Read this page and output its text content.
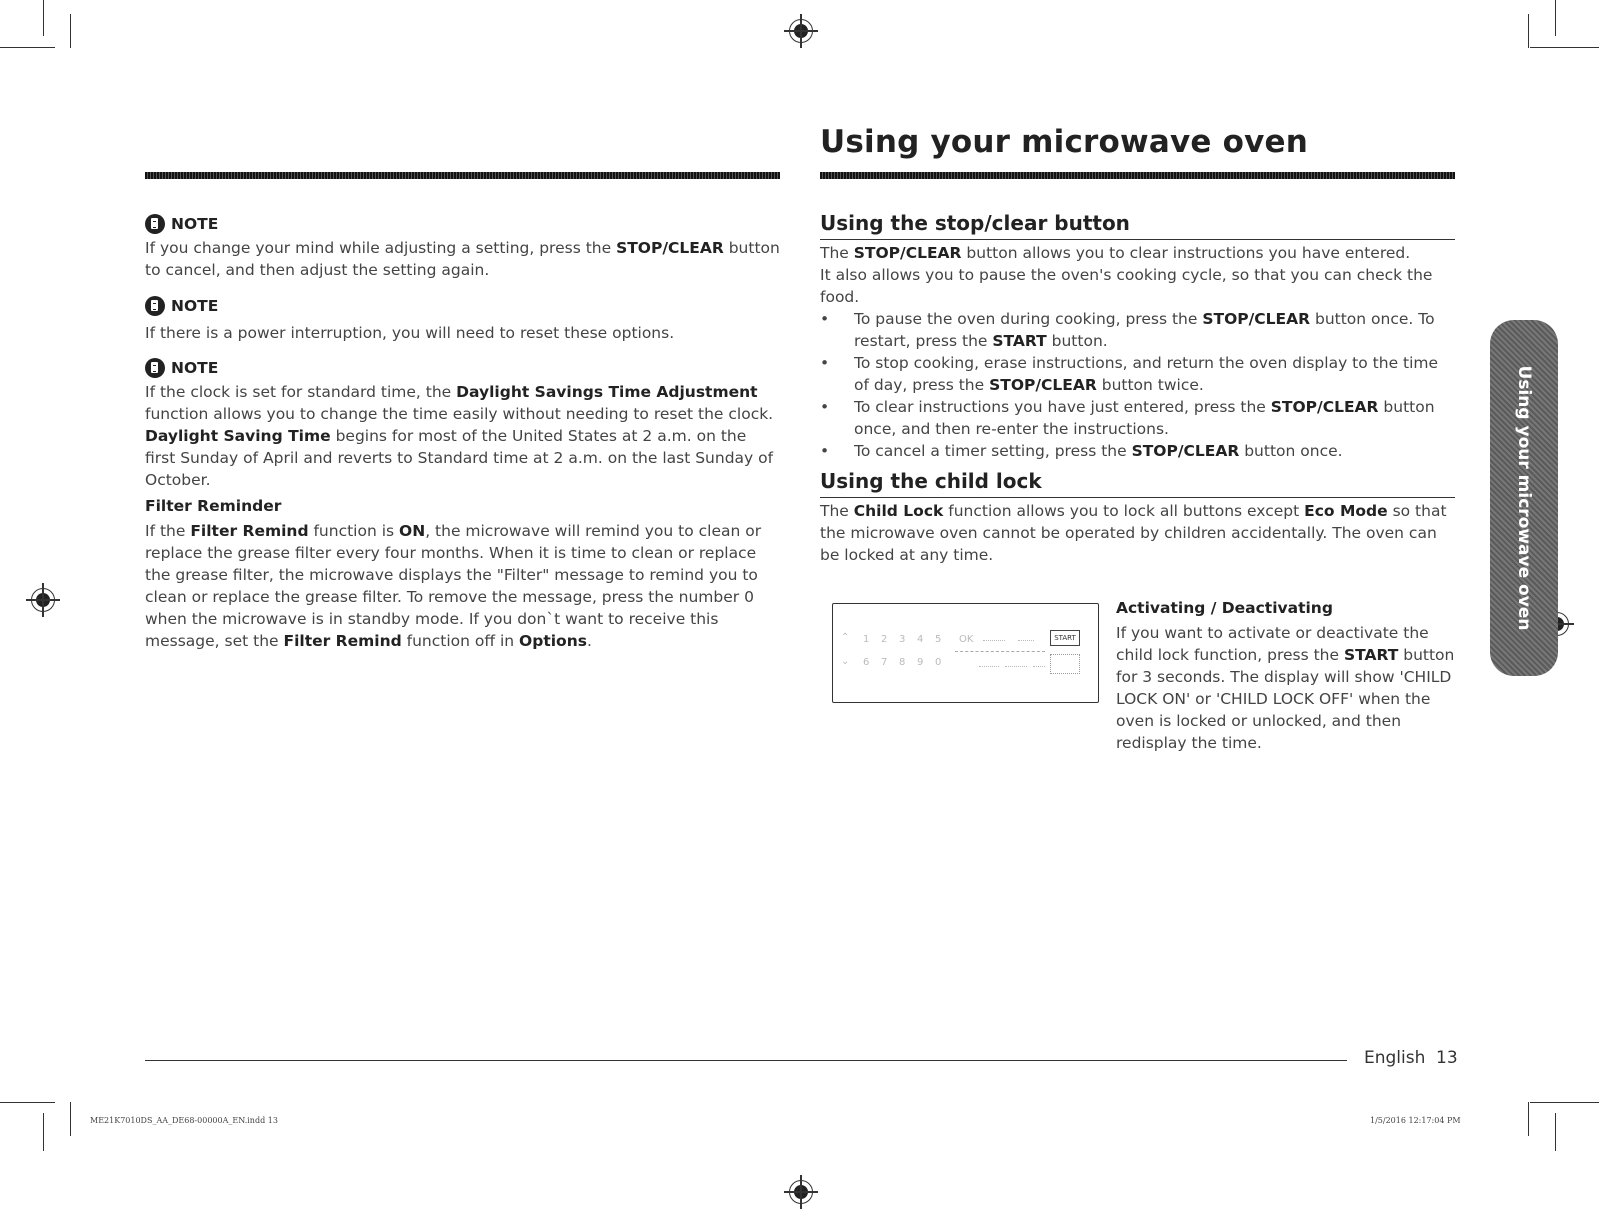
Using your microwave oven
NOTE

If you change your mind while adjusting a setting, press the STOP/CLEAR button to cancel, and then adjust the setting again.

NOTE

If there is a power interruption, you will need to reset these options.

NOTE

If the clock is set for standard time, the Daylight Savings Time Adjustment function allows you to change the time easily without needing to reset the clock. Daylight Saving Time begins for most of the United States at 2 a.m. on the first Sunday of April and reverts to Standard time at 2 a.m. on the last Sunday of October.

Filter Reminder

If the Filter Remind function is ON, the microwave will remind you to clean or replace the grease filter every four months. When it is time to clean or replace the grease filter, the microwave displays the "Filter" message to remind you to clean or replace the grease filter. To remove the message, press the number 0 when the microwave is in standby mode. If you don`t want to receive this message, set the Filter Remind function off in Options.

Using the stop/clear button

The STOP/CLEAR button allows you to clear instructions you have entered.

It also allows you to pause the oven's cooking cycle, so that you can check the food.

• To pause the oven during cooking, press the STOP/CLEAR button once. To restart, press the START button.
• To stop cooking, erase instructions, and return the oven display to the time of day, press the STOP/CLEAR button twice.
• To clear instructions you have just entered, press the STOP/CLEAR button once, and then re-enter the instructions.
• To cancel a timer setting, press the STOP/CLEAR button once.
Using the child lock

The Child Lock function allows you to lock all buttons except Eco Mode so that the microwave oven cannot be operated by children accidentally. The oven can be locked at any time.

⌃
⌄
1 2 3 4 5 OK
6 7 8 9 0
START
Activating / Deactivating

If you want to activate or deactivate the child lock function, press the START button for 3 seconds. The display will show 'CHILD LOCK ON' or 'CHILD LOCK OFF' when the oven is locked or unlocked, and then redisplay the time.

Using your microwave oven
English 13
ME21K7010DS_AA_DE68-00000A_EN.indd 13	1/5/2016 12:17:04 PM
